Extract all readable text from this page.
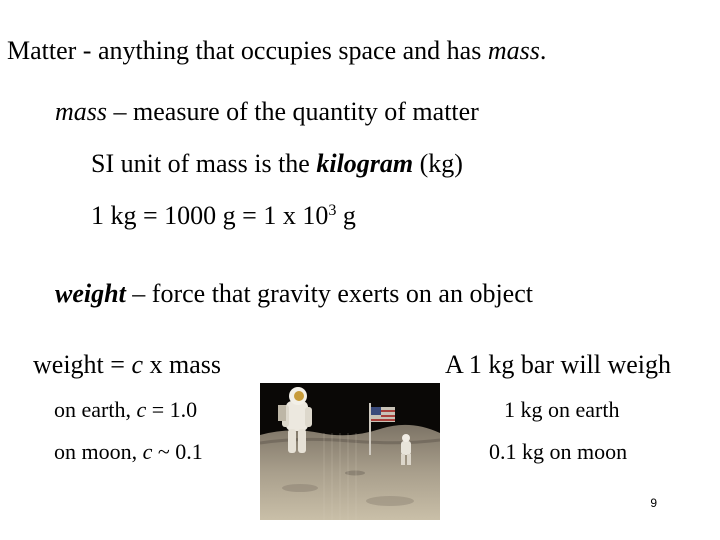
Matter - anything that occupies space and has mass.
mass – measure of the quantity of matter
SI unit of mass is the kilogram (kg)
1 kg = 1000 g = 1 x $10^3$ g
weight – force that gravity exerts on an object
weight = c x mass	A 1 kg bar will weigh
on earth, c = 1.0	1 kg on earth
on moon, c ~ 0.1	0.1 kg on moon
9
